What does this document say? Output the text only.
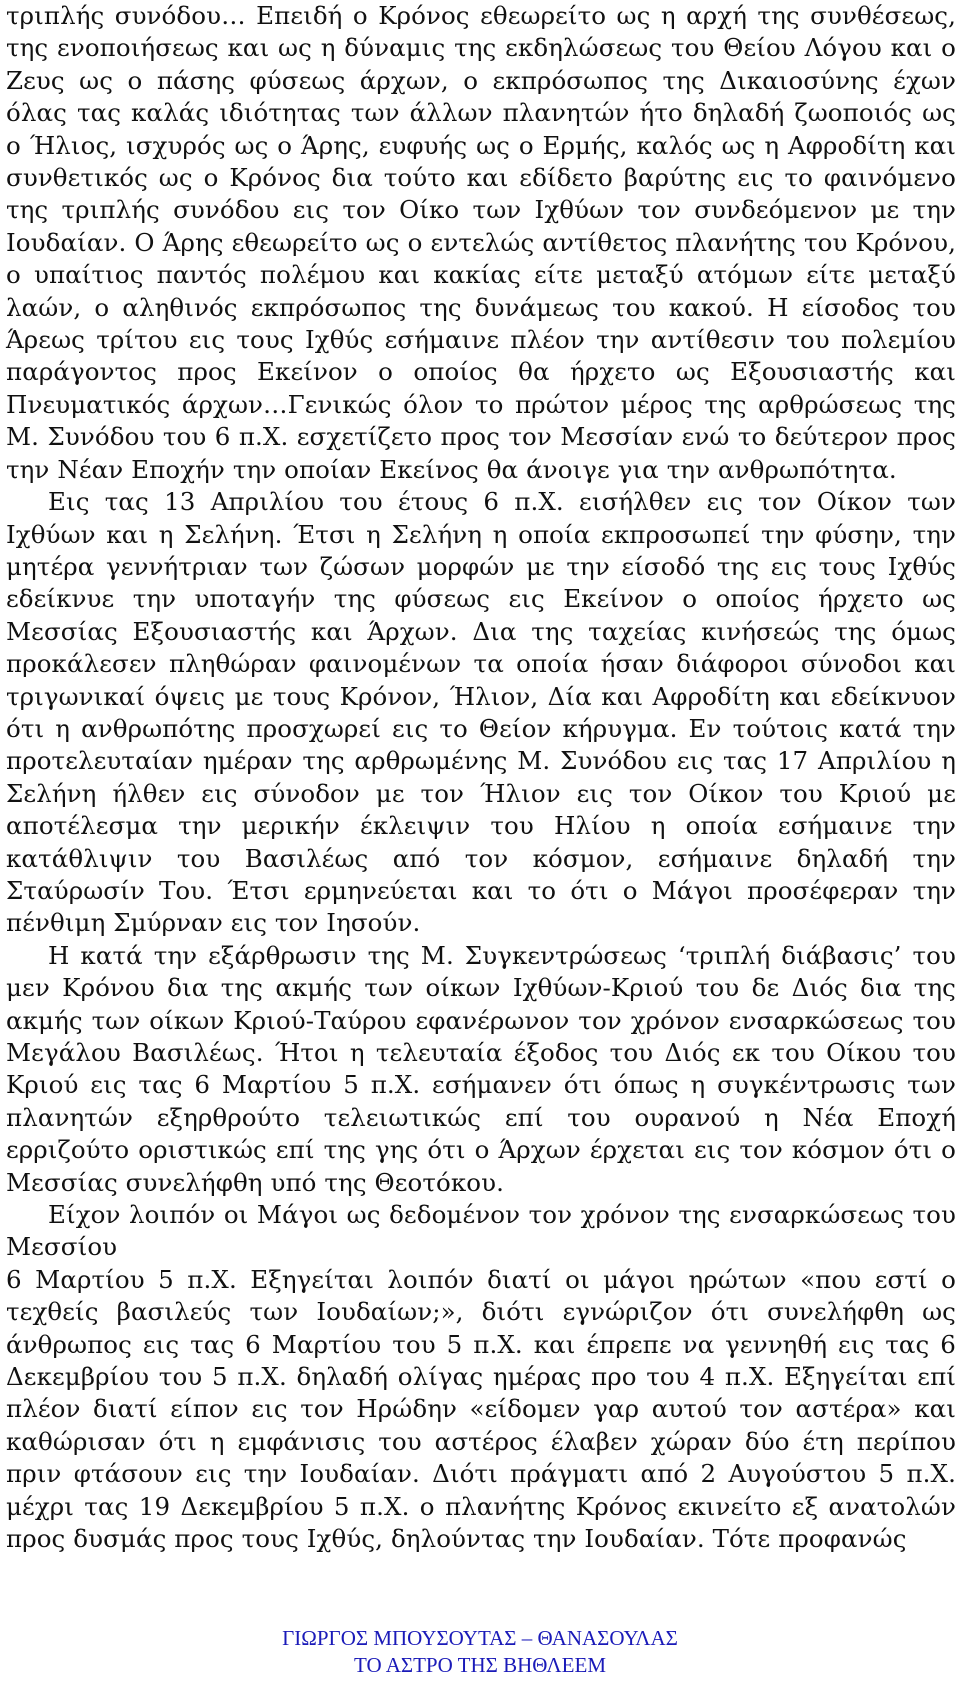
τριπλής συνόδου… Επειδή ο Κρόνος εθεωρείτο ως η αρχή της συνθέσεως, της ενοποιήσεως και ως η δύναμις της εκδηλώσεως του Θείου Λόγου και ο Ζευς ως ο πάσης φύσεως άρχων, ο εκπρόσωπος της Δικαιοσύνης έχων όλας τας καλάς ιδιότητας των άλλων πλανητών ήτο δηλαδή ζωοποιός ως ο Ήλιος, ισχυρός ως ο Άρης, ευφυής ως ο Ερμής, καλός ως η Αφροδίτη και συνθετικός ως ο Κρόνος δια τούτο και εδίδετο βαρύτης εις το φαινόμενο της τριπλής συνόδου εις τον Οίκο των Ιχθύων τον συνδεόμενον με την Ιουδαίαν. Ο Άρης εθεωρείτο ως ο εντελώς αντίθετος πλανήτης του Κρόνου, ο υπαίτιος παντός πολέμου και κακίας είτε μεταξύ ατόμων είτε μεταξύ λαών, ο αληθινός εκπρόσωπος της δυνάμεως του κακού. Η είσοδος του Άρεως τρίτου εις τους Ιχθύς εσήμαινε πλέον την αντίθεσιν του πολεμίου παράγοντος προς Εκείνον ο οποίος θα ήρχετο ως Εξουσιαστής και Πνευματικός άρχων…Γενικώς όλον το πρώτον μέρος της αρθρώσεως της Μ. Συνόδου του 6 π.Χ. εσχετίζετο προς τον Μεσσίαν ενώ το δεύτερον προς την Νέαν Εποχήν την οποίαν Εκείνος θα άνοιγε για την ανθρωπότητα.

Εις τας 13 Απριλίου του έτους 6 π.Χ. εισήλθεν εις τον Οίκον των Ιχθύων και η Σελήνη. Έτσι η Σελήνη η οποία εκπροσωπεί την φύσην, την μητέρα γεννήτριαν των ζώσων μορφών με την είσοδό της εις τους Ιχθύς εδείκνυε την υποταγήν της φύσεως εις Εκείνον ο οποίος ήρχετο ως Μεσσίας Εξουσιαστής και Άρχων. Δια της ταχείας κινήσεώς της όμως προκάλεσεν πληθώραν φαινομένων τα οποία ήσαν διάφοροι σύνοδοι και τριγωνικαί όψεις με τους Κρόνον, Ήλιον, Δία και Αφροδίτη και εδείκνυον ότι η ανθρωπότης προσχωρεί εις το Θείον κήρυγμα. Εν τούτοις κατά την προτελευταίαν ημέραν της αρθρωμένης Μ. Συνόδου εις τας 17 Απριλίου η Σελήνη ήλθεν εις σύνοδον με τον Ήλιον εις τον Οίκον του Κριού με αποτέλεσμα την μερικήν έκλειψιν του Ηλίου η οποία εσήμαινε την κατάθλιψιν του Βασιλέως από τον κόσμον, εσήμαινε δηλαδή την Σταύρωσίν Του. Έτσι ερμηνεύεται και το ότι ο Μάγοι προσέφεραν την πένθιμη Σμύρναν εις τον Ιησούν.

Η κατά την εξάρθρωσιν της Μ. Συγκεντρώσεως ‘τριπλή διάβασις’ του μεν Κρόνου δια της ακμής των οίκων Ιχθύων-Κριού του δε Διός δια της ακμής των οίκων Κριού-Ταύρου εφανέρωνον τον χρόνον ενσαρκώσεως του Μεγάλου Βασιλέως. Ήτοι η τελευταία έξοδος του Διός εκ του Οίκου του Κριού εις τας 6 Μαρτίου 5 π.Χ. εσήμανεν ότι όπως η συγκέντρωσις των πλανητών εξηρθρούτο τελειωτικώς επί του ουρανού η Νέα Εποχή ερριζούτο οριστικώς επί της γης ότι ο Άρχων έρχεται εις τον κόσμον ότι ο Μεσσίας συνελήφθη υπό της Θεοτόκου.

Είχον λοιπόν οι Μάγοι ως δεδομένον τον χρόνον της ενσαρκώσεως του Μεσσίου

6 Μαρτίου 5 π.Χ. Εξηγείται λοιπόν διατί οι μάγοι ηρώτων «που εστί ο τεχθείς βασιλεύς των Ιουδαίων;», διότι εγνώριζον ότι συνελήφθη ως άνθρωπος εις τας 6 Μαρτίου του 5 π.Χ. και έπρεπε να γεννηθή εις τας 6 Δεκεμβρίου του 5 π.Χ. δηλαδή ολίγας ημέρας προ του 4 π.Χ. Εξηγείται επί πλέον διατί είπον εις τον Ηρώδην «είδομεν γαρ αυτού τον αστέρα» και καθώρισαν ότι η εμφάνισις του αστέρος έλαβεν χώραν δύο έτη περίπου πριν φτάσουν εις την Ιουδαίαν. Διότι πράγματι από 2 Αυγούστου 5 π.Χ. μέχρι τας 19 Δεκεμβρίου 5 π.Χ. ο πλανήτης Κρόνος εκινείτο εξ ανατολών προς δυσμάς προς τους Ιχθύς, δηλούντας την Ιουδαίαν. Τότε προφανώς

ΓΙΩΡΓΟΣ ΜΠΟΥΣΟΥΤΑΣ – ΘΑΝΑΣΟΥΛΑΣ
ΤΟ ΑΣΤΡΟ ΤΗΣ ΒΗΘΛΕΕΜ
